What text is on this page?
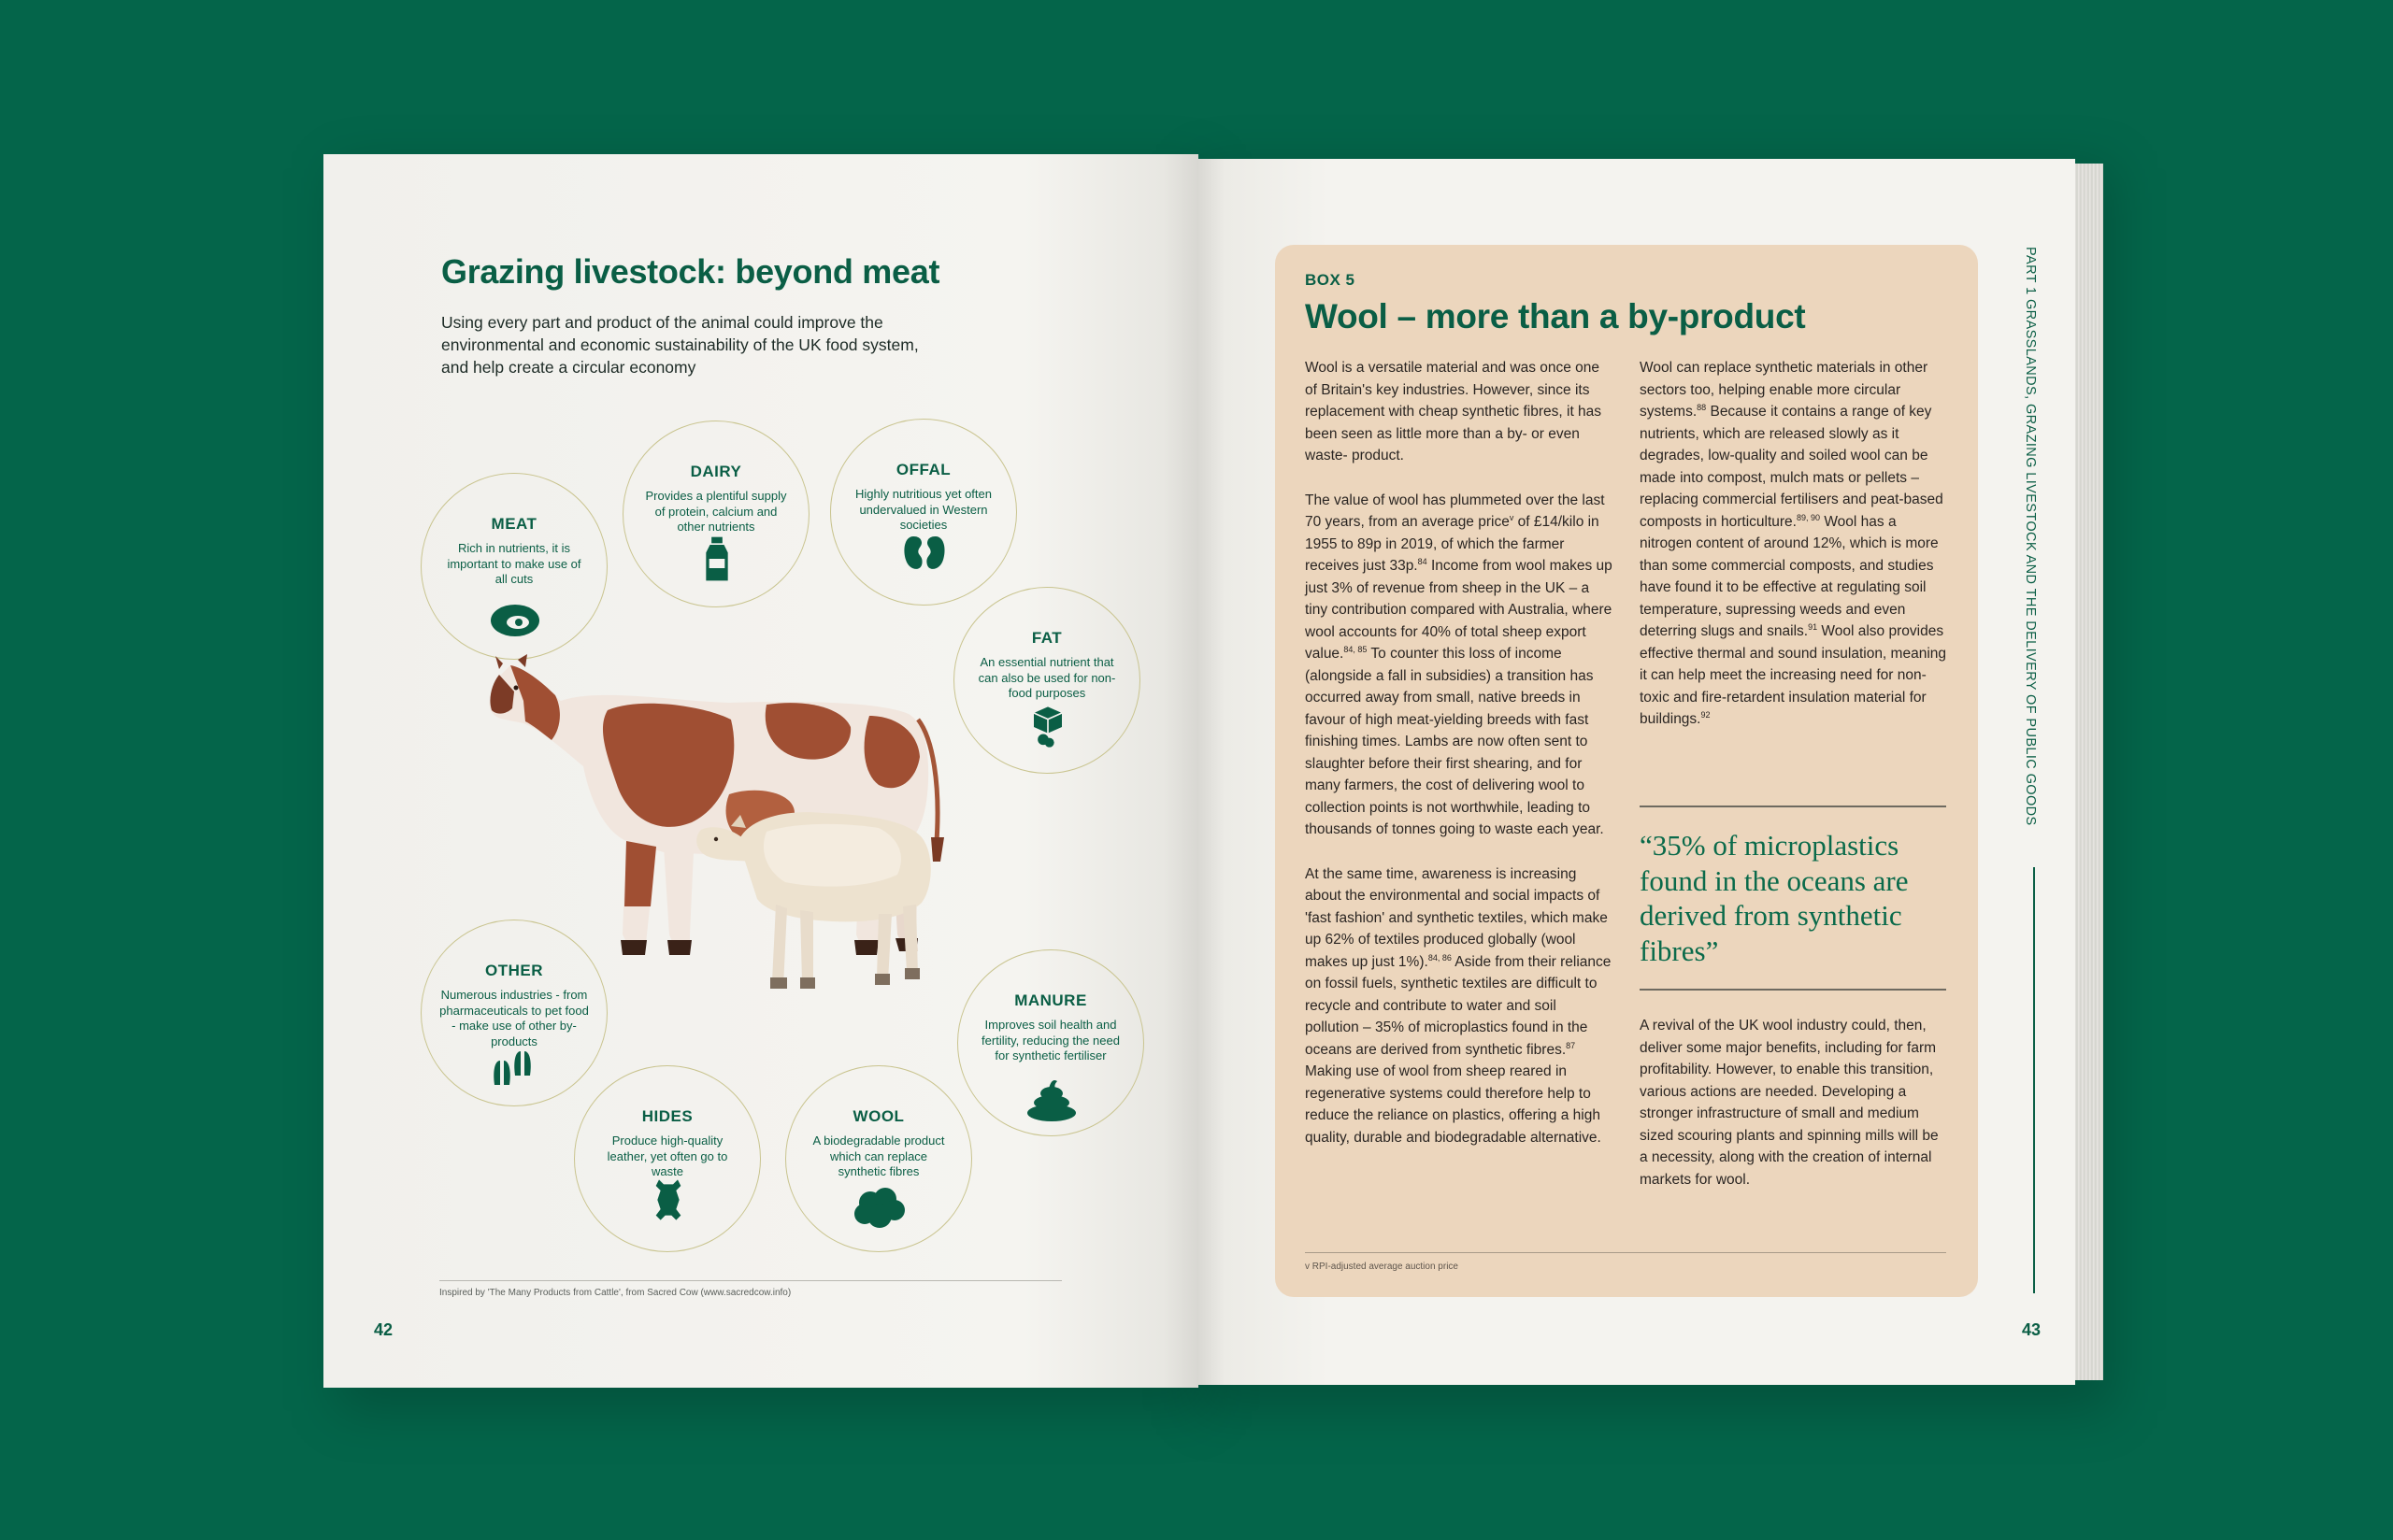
Grazing livestock: beyond meat
Using every part and product of the animal could improve the environmental and economic sustainability of the UK food system, and help create a circular economy
MEAT
Rich in nutrients, it is important to make use of all cuts
DAIRY
Provides a plentiful supply of protein, calcium and other nutrients
OFFAL
Highly nutritious yet often undervalued in Western societies
FAT
An essential nutrient that can also be used for non-food purposes
OTHER
Numerous industries - from pharmaceuticals to pet food - make use of other by-products
HIDES
Produce high-quality leather, yet often go to waste
WOOL
A biodegradable product which can replace synthetic fibres
MANURE
Improves soil health and fertility, reducing the need for synthetic fertiliser
Inspired by 'The Many Products from Cattle', from Sacred Cow (www.sacredcow.info)
42
BOX 5
Wool – more than a by-product

Wool is a versatile material and was once one of Britain's key industries. However, since its replacement with cheap synthetic fibres, it has been seen as little more than a by- or even waste- product.

The value of wool has plummeted over the last 70 years, from an average price$^v$ of £14/kilo in 1955 to 89p in 2019, of which the farmer receives just 33p.$^{84}$ Income from wool makes up just 3% of revenue from sheep in the UK – a tiny contribution compared with Australia, where wool accounts for 40% of total sheep export value.$^{84, 85}$ To counter this loss of income (alongside a fall in subsidies) a transition has occurred away from small, native breeds in favour of high meat-yielding breeds with fast finishing times. Lambs are now often sent to slaughter before their first shearing, and for many farmers, the cost of delivering wool to collection points is not worthwhile, leading to thousands of tonnes going to waste each year.

At the same time, awareness is increasing about the environmental and social impacts of 'fast fashion' and synthetic textiles, which make up 62% of textiles produced globally (wool makes up just 1%).$^{84, 86}$ Aside from their reliance on fossil fuels, synthetic textiles are difficult to recycle and contribute to water and soil pollution – 35% of microplastics found in the oceans are derived from synthetic fibres.$^{87}$ Making use of wool from sheep reared in regenerative systems could therefore help to reduce the reliance on plastics, offering a high quality, durable and biodegradable alternative.

Wool can replace synthetic materials in other sectors too, helping enable more circular systems.$^{88}$ Because it contains a range of key nutrients, which are released slowly as it degrades, low-quality and soiled wool can be made into compost, mulch mats or pellets – replacing commercial fertilisers and peat-based composts in horticulture.$^{89, 90}$ Wool has a nitrogen content of around 12%, which is more than some commercial composts, and studies have found it to be effective at regulating soil temperature, supressing weeds and even deterring slugs and snails.$^{91}$ Wool also provides effective thermal and sound insulation, meaning it can help meet the increasing need for non-toxic and fire-retardent insulation material for buildings.$^{92}$

“35% of microplastics found in the oceans are derived from synthetic fibres”

A revival of the UK wool industry could, then, deliver some major benefits, including for farm profitability. However, to enable this transition, various actions are needed. Developing a stronger infrastructure of small and medium sized scouring plants and spinning mills will be a necessity, along with the creation of internal markets for wool.

v RPI-adjusted average auction price
PART 1 GRASSLANDS, GRAZING LIVESTOCK AND THE DELIVERY OF PUBLIC GOODS
43
